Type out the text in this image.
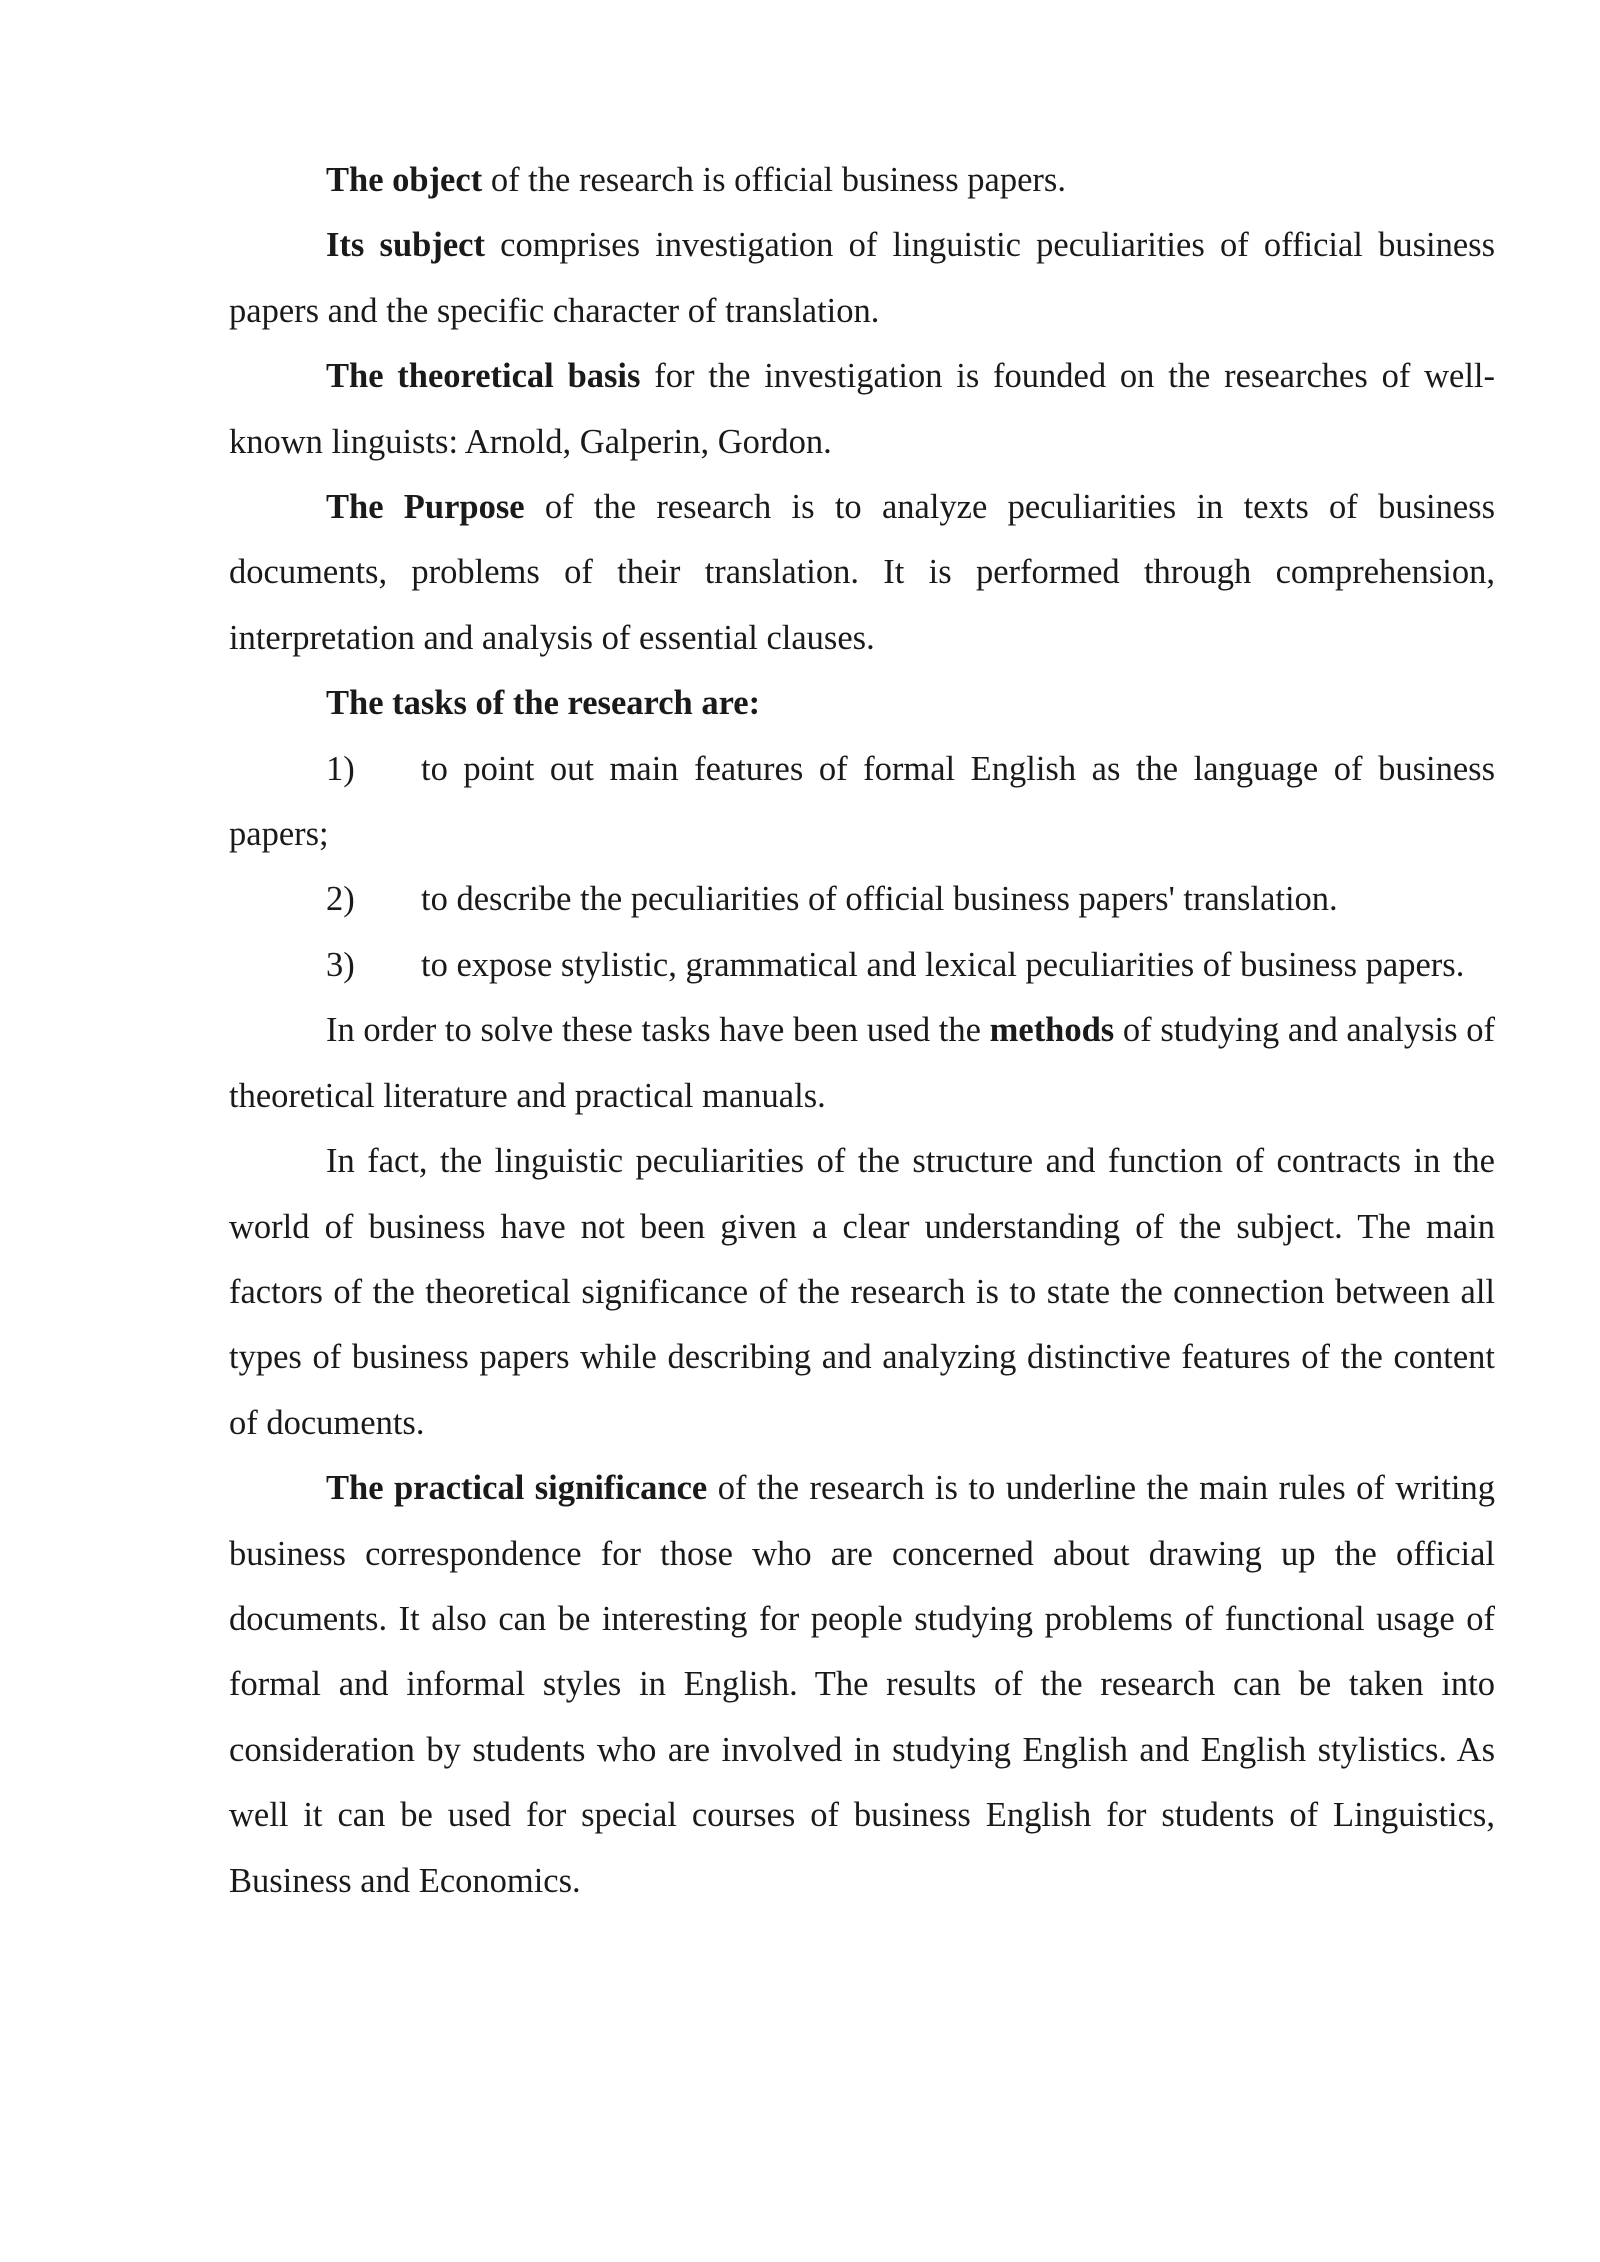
The object of the research is official business papers.

Its subject comprises investigation of linguistic peculiarities of official business papers and the specific character of translation.

The theoretical basis for the investigation is founded on the researches of well-known linguists: Arnold, Galperin, Gordon.

The Purpose of the research is to analyze peculiarities in texts of business documents, problems of their translation. It is performed through comprehension, interpretation and analysis of essential clauses.

The tasks of the research are:

1) to point out main features of formal English as the language of business papers;

2) to describe the peculiarities of official business papers' translation.

3) to expose stylistic, grammatical and lexical peculiarities of business papers.

In order to solve these tasks have been used the methods of studying and analysis of theoretical literature and practical manuals.

In fact, the linguistic peculiarities of the structure and function of contracts in the world of business have not been given a clear understanding of the subject. The main factors of the theoretical significance of the research is to state the connection between all types of business papers while describing and analyzing distinctive features of the content of documents.

The practical significance of the research is to underline the main rules of writing business correspondence for those who are concerned about drawing up the official documents. It also can be interesting for people studying problems of functional usage of formal and informal styles in English. The results of the research can be taken into consideration by students who are involved in studying English and English stylistics. As well it can be used for special courses of business English for students of Linguistics, Business and Economics.
